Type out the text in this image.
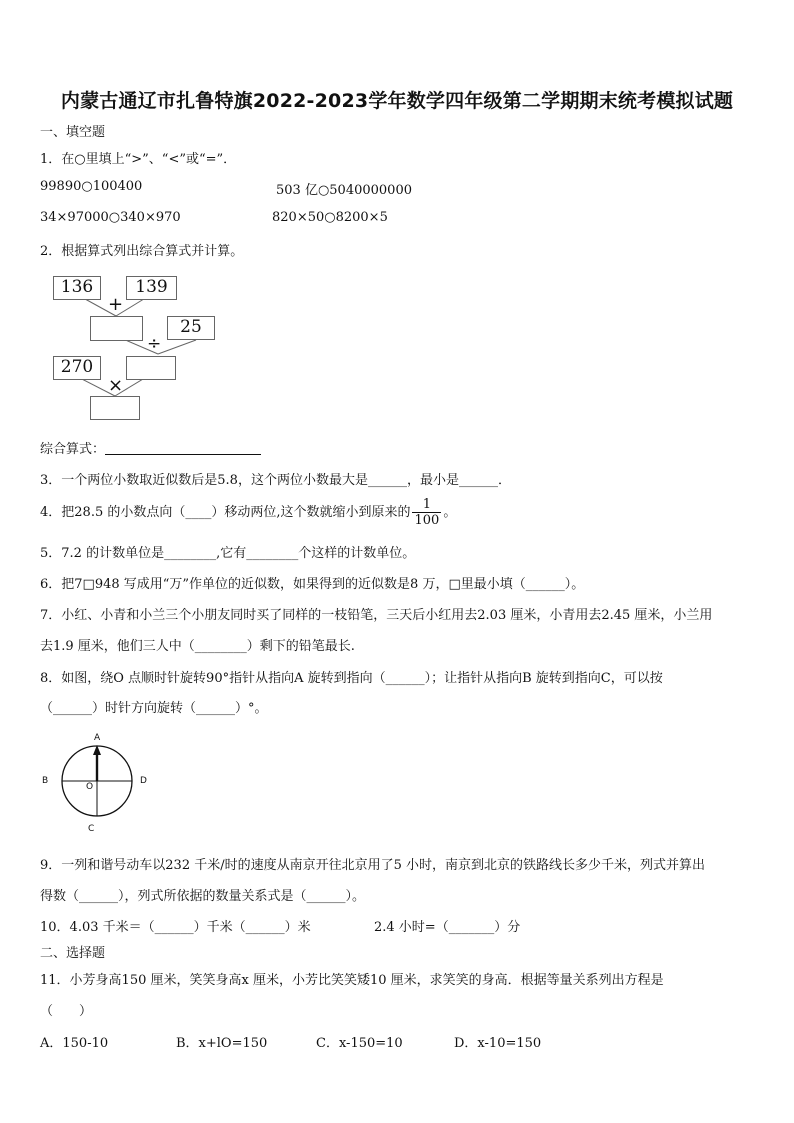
内蒙古通辽市扎鲁特旗2022-2023学年数学四年级第二学期期末统考模拟试题
一、填空题
1．在○里填上“>”、“<”或“=”．
99890○100400	503 亿○5040000000
34×97000○340×970	820×50○8200×5
2．根据算式列出综合算式并计算。
136	139
+
25
÷
270
×
综合算式：
3．一个两位小数取近似数后是5.8，这个两位小数最大是______，最小是______．
4．把28.5 的小数点向（____）移动两位,这个数就缩小到原来的 $\frac{1}{100}$ 。
5．7.2 的计数单位是________,它有________个这样的计数单位。
6．把7□948 写成用“万”作单位的近似数，如果得到的近似数是8 万，□里最小填（______）。
7．小红、小青和小兰三个小朋友同时买了同样的一枝铅笔，三天后小红用去2.03 厘米，小青用去2.45 厘米，小兰用
去1.9 厘米，他们三人中（________）剩下的铅笔最长.
8．如图，绕O 点顺时针旋转90°指针从指向A 旋转到指向（______）；让指针从指向B 旋转到指向C，可以按
（______）时针方向旋转（______）°。
A
B
C
D
O
9．一列和谐号动车以232 千米/时的速度从南京开往北京用了5 小时，南京到北京的铁路线长多少千米，列式并算出
得数（______），列式所依据的数量关系式是（______）。
10．4.03 千米＝（______）千米（______）米	2.4 小时=（_______）分
二、选择题
11．小芳身高150 厘米，笑笑身高x 厘米，小芳比笑笑矮10 厘米，求笑笑的身高．根据等量关系列出方程是
（　　）
A．150-10	B．x+lO=150	C．x-150=10	D．x-10=150
